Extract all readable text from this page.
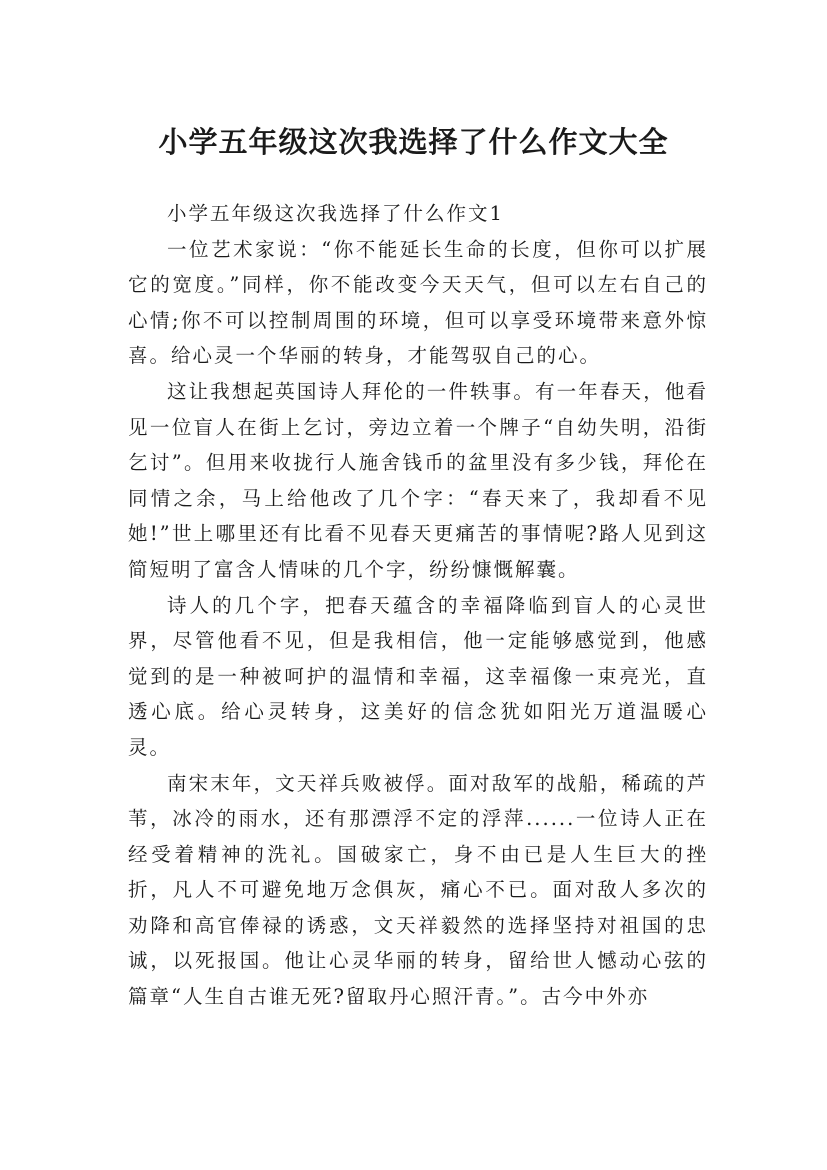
小学五年级这次我选择了什么作文大全

小学五年级这次我选择了什么作文1

一位艺术家说：“你不能延长生命的长度，但你可以扩展它的宽度。”同样，你不能改变今天天气，但可以左右自己的心情;你不可以控制周围的环境，但可以享受环境带来意外惊喜。给心灵一个华丽的转身，才能驾驭自己的心。

这让我想起英国诗人拜伦的一件轶事。有一年春天，他看见一位盲人在街上乞讨，旁边立着一个牌子“自幼失明，沿街乞讨”。但用来收拢行人施舍钱币的盆里没有多少钱，拜伦在同情之余，马上给他改了几个字：“春天来了，我却看不见她!”世上哪里还有比看不见春天更痛苦的事情呢?路人见到这简短明了富含人情味的几个字，纷纷慷慨解囊。

诗人的几个字，把春天蕴含的幸福降临到盲人的心灵世界，尽管他看不见，但是我相信，他一定能够感觉到，他感觉到的是一种被呵护的温情和幸福，这幸福像一束亮光，直透心底。给心灵转身，这美好的信念犹如阳光万道温暖心灵。

南宋末年，文天祥兵败被俘。面对敌军的战船，稀疏的芦苇，冰冷的雨水，还有那漂浮不定的浮萍......一位诗人正在经受着精神的洗礼。国破家亡，身不由已是人生巨大的挫折，凡人不可避免地万念俱灰，痛心不已。面对敌人多次的劝降和高官俸禄的诱惑，文天祥毅然的选择坚持对祖国的忠诚，以死报国。他让心灵华丽的转身，留给世人憾动心弦的篇章“人生自古谁无死?留取丹心照汗青。”。古今中外亦
